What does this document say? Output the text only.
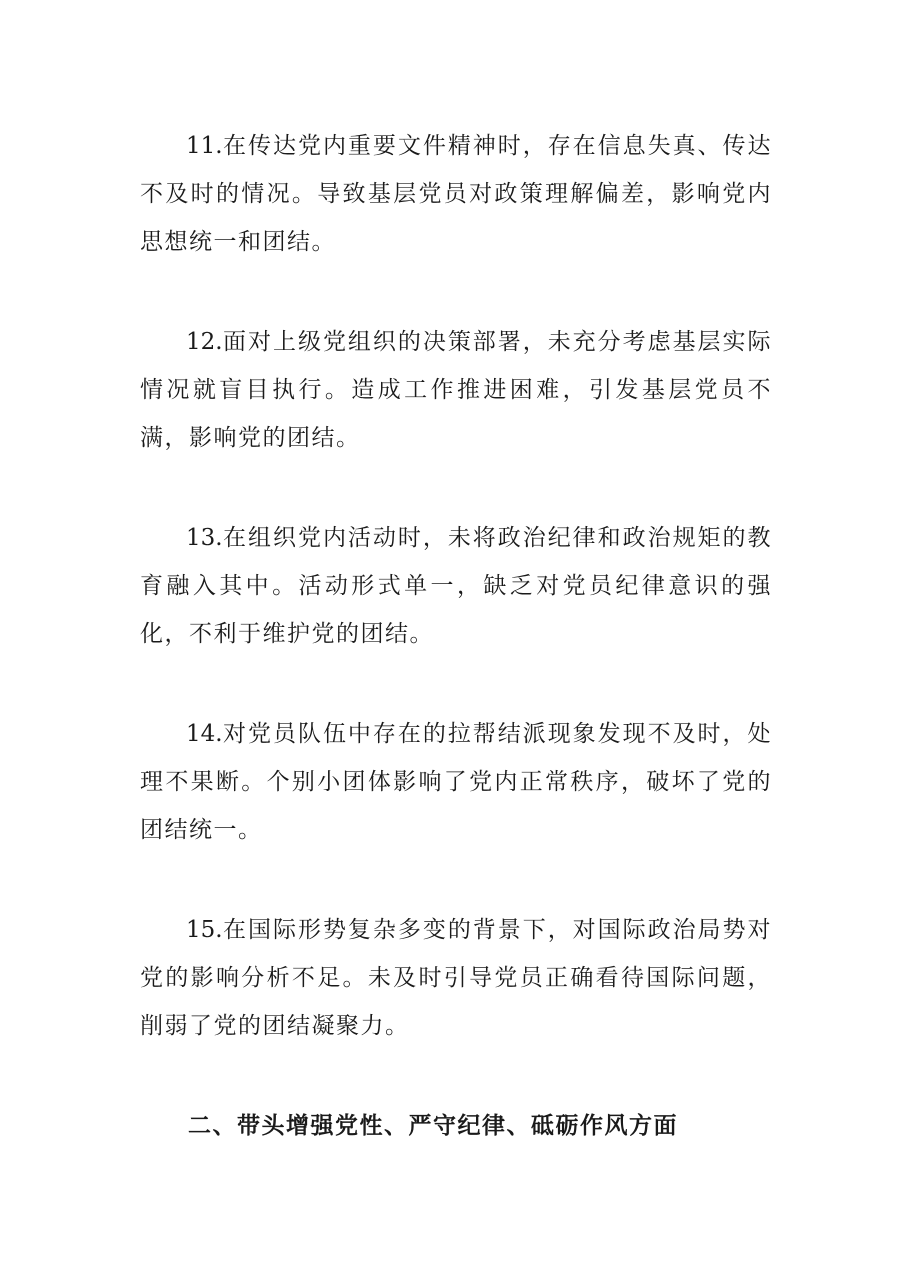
11.在传达党内重要文件精神时，存在信息失真、传达不及时的情况。导致基层党员对政策理解偏差，影响党内思想统一和团结。

12.面对上级党组织的决策部署，未充分考虑基层实际情况就盲目执行。造成工作推进困难，引发基层党员不满，影响党的团结。

13.在组织党内活动时，未将政治纪律和政治规矩的教育融入其中。活动形式单一，缺乏对党员纪律意识的强化，不利于维护党的团结。

14.对党员队伍中存在的拉帮结派现象发现不及时，处理不果断。个别小团体影响了党内正常秩序，破坏了党的团结统一。

15.在国际形势复杂多变的背景下，对国际政治局势对党的影响分析不足。未及时引导党员正确看待国际问题，削弱了党的团结凝聚力。

二、带头增强党性、严守纪律、砥砺作风方面
